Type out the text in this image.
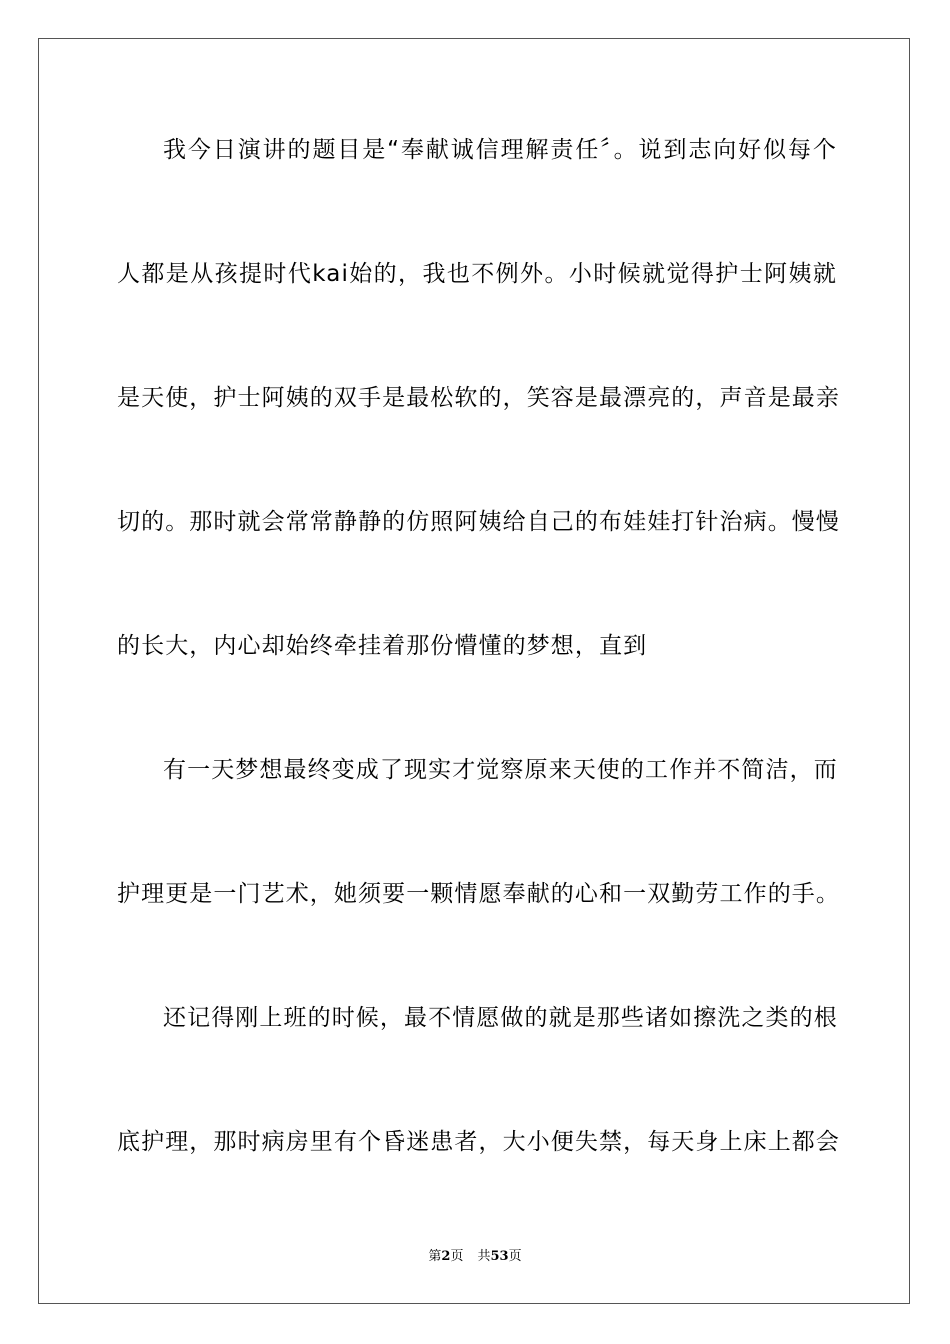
我今日演讲的题目是“奉献诚信理解责任〞。说到志向好似每个
人都是从孩提时代kai始的，我也不例外。小时候就觉得护士阿姨就
是天使，护士阿姨的双手是最松软的，笑容是最漂亮的，声音是最亲
切的。那时就会常常静静的仿照阿姨给自己的布娃娃打针治病。慢慢
的长大，内心却始终牵挂着那份懵懂的梦想，直到
有一天梦想最终变成了现实才觉察原来天使的工作并不简洁，而
护理更是一门艺术，她须要一颗情愿奉献的心和一双勤劳工作的手。
还记得刚上班的时候，最不情愿做的就是那些诸如擦洗之类的根
底护理，那时病房里有个昏迷患者，大小便失禁，每天身上床上都会
第2页 共53页
